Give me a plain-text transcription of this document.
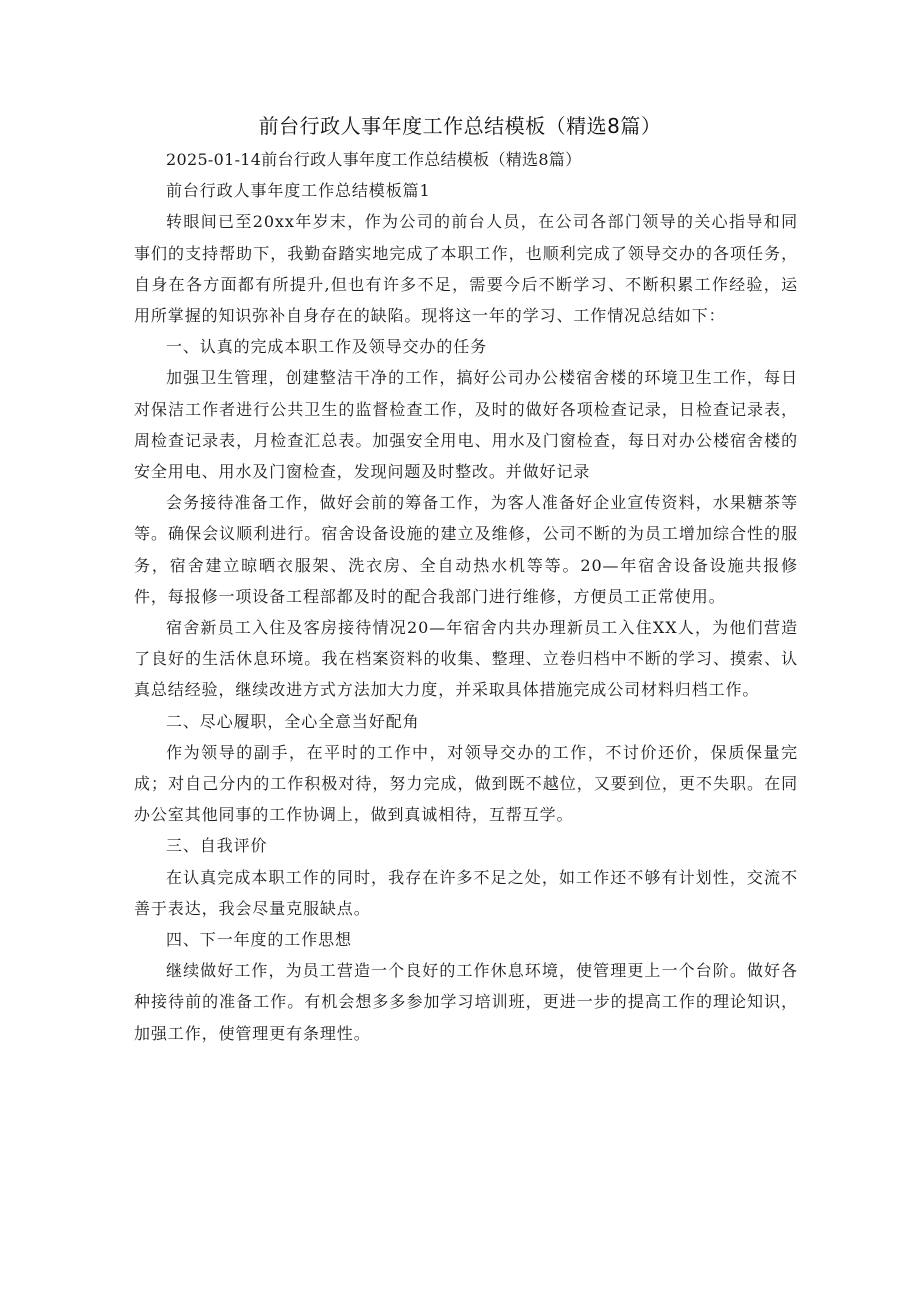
前台行政人事年度工作总结模板（精选8篇）

2025-01-14前台行政人事年度工作总结模板（精选8篇）

前台行政人事年度工作总结模板篇1

转眼间已至20xx年岁末，作为公司的前台人员，在公司各部门领导的关心指导和同事们的支持帮助下，我勤奋踏实地完成了本职工作，也顺利完成了领导交办的各项任务，自身在各方面都有所提升,但也有许多不足，需要今后不断学习、不断积累工作经验，运用所掌握的知识弥补自身存在的缺陷。现将这一年的学习、工作情况总结如下：

一、认真的完成本职工作及领导交办的任务

加强卫生管理，创建整洁干净的工作，搞好公司办公楼宿舍楼的环境卫生工作，每日对保洁工作者进行公共卫生的监督检查工作，及时的做好各项检查记录，日检查记录表，周检查记录表，月检查汇总表。加强安全用电、用水及门窗检查，每日对办公楼宿舍楼的安全用电、用水及门窗检查，发现问题及时整改。并做好记录

会务接待准备工作，做好会前的筹备工作，为客人准备好企业宣传资料，水果糖茶等等。确保会议顺利进行。宿舍设备设施的建立及维修，公司不断的为员工增加综合性的服务，宿舍建立晾晒衣服架、洗衣房、全自动热水机等等。20—年宿舍设备设施共报修件，每报修一项设备工程部都及时的配合我部门进行维修，方便员工正常使用。

宿舍新员工入住及客房接待情况20—年宿舍内共办理新员工入住XX人，为他们营造了良好的生活休息环境。我在档案资料的收集、整理、立卷归档中不断的学习、摸索、认真总结经验，继续改进方式方法加大力度，并采取具体措施完成公司材料归档工作。

二、尽心履职，全心全意当好配角

作为领导的副手，在平时的工作中，对领导交办的工作，不讨价还价，保质保量完成；对自己分内的工作积极对待，努力完成，做到既不越位，又要到位，更不失职。在同办公室其他同事的工作协调上，做到真诚相待，互帮互学。

三、自我评价

在认真完成本职工作的同时，我存在许多不足之处，如工作还不够有计划性，交流不善于表达，我会尽量克服缺点。

四、下一年度的工作思想

继续做好工作，为员工营造一个良好的工作休息环境，使管理更上一个台阶。做好各种接待前的准备工作。有机会想多多参加学习培训班，更进一步的提高工作的理论知识，加强工作，使管理更有条理性。
